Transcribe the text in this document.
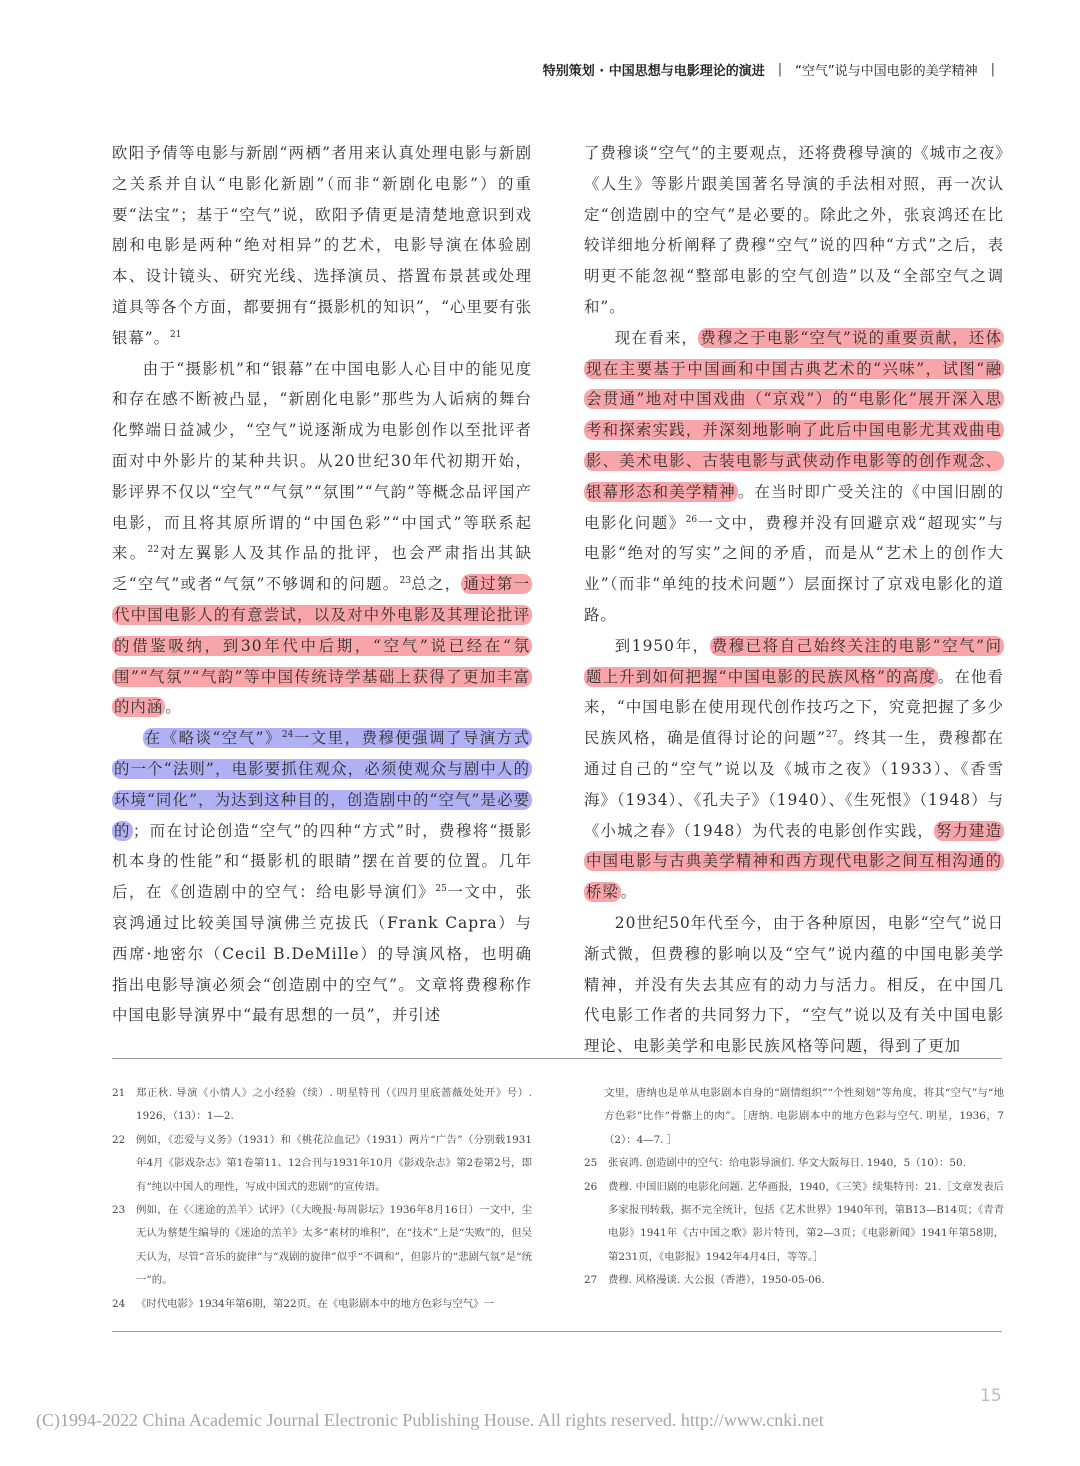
特别策划 · 中国思想与电影理论的演进 | “空气”说与中国电影的美学精神 |

欧阳予倩等电影与新剧“两栖”者用来认真处理电影与新剧之关系并自认“电影化新剧”（而非“新剧化电影”）的重要“法宝”；基于“空气”说，欧阳予倩更是清楚地意识到戏剧和电影是两种“绝对相异”的艺术，电影导演在体验剧本、设计镜头、研究光线、选择演员、搭置布景甚或处理道具等各个方面，都要拥有“摄影机的知识”，“心里要有张银幕”。$^{21}$

由于“摄影机”和“银幕”在中国电影人心目中的能见度和存在感不断被凸显，“新剧化电影”那些为人诟病的舞台化弊端日益减少，“空气”说逐渐成为电影创作以至批评者面对中外影片的某种共识。从20世纪30年代初期开始，影评界不仅以“空气”“气氛”“氛围”“气韵”等概念品评国产电影，而且将其原所谓的“中国色彩”“中国式”等联系起来。$^{22}$对左翼影人及其作品的批评，也会严肃指出其缺乏“空气”或者“气氛”不够调和的问题。$^{23}$总之， 通过第一代中国电影人的有意尝试，以及对中外电影及其理论批评的借鉴吸纳，到30年代中后期，“空气”说已经在“氛围”“气氛”“气韵”等中国传统诗学基础上获得了更加丰富的内涵 。

在《略谈“空气”》$^{24}$一文里，费穆便强调了导演方式的一个“法则”，电影要抓住观众，必须使观众与剧中人的环境“同化”，为达到这种目的，创造剧中的“空气”是必要的 ；而在讨论创造“空气”的四种“方式”时，费穆将“摄影机本身的性能”和“摄影机的眼睛”摆在首要的位置。几年后，在《创造剧中的空气：给电影导演们》$^{25}$一文中，张哀鸿通过比较美国导演佛兰克拔氏（Frank Capra）与西席·地密尔（Cecil B.DeMille）的导演风格，也明确指出电影导演必须会“创造剧中的空气”。文章将费穆称作中国电影导演界中“最有思想的一员”，并引述

了费穆谈“空气”的主要观点，还将费穆导演的《城市之夜》《人生》等影片跟美国著名导演的手法相对照，再一次认定“创造剧中的空气”是必要的。除此之外，张哀鸿还在比较详细地分析阐释了费穆“空气”说的四种“方式”之后，表明更不能忽视“整部电影的空气创造”以及“全部空气之调和”。

现在看来， 费穆之于电影“空气”说的重要贡献，还体现在主要基于中国画和中国古典艺术的“兴味”，试图“融会贯通”地对中国戏曲（“京戏”）的“电影化”展开深入思考和探索实践，并深刻地影响了此后中国电影尤其戏曲电影、美术电影、古装电影与武侠动作电影等的创作观念、银幕形态和美学精神 。在当时即广受关注的《中国旧剧的电影化问题》$^{26}$一文中，费穆并没有回避京戏“超现实”与电影“绝对的写实”之间的矛盾，而是从“艺术上的创作大业”（而非“单纯的技术问题”）层面探讨了京戏电影化的道路。

到1950年， 费穆已将自己始终关注的电影“空气”问题上升到如何把握“中国电影的民族风格”的高度 。在他看来，“中国电影在使用现代创作技巧之下，究竟把握了多少民族风格，确是值得讨论的问题”$^{27}$。终其一生，费穆都在通过自己的“空气”说以及《城市之夜》（1933）、《香雪海》（1934）、《孔夫子》（1940）、《生死恨》（1948）与《小城之春》（1948）为代表的电影创作实践， 努力建造中国电影与古典美学精神和西方现代电影之间互相沟通的桥梁 。

20世纪50年代至今，由于各种原因，电影“空气”说日渐式微，但费穆的影响以及“空气”说内蕴的中国电影美学精神，并没有失去其应有的动力与活力。相反，在中国几代电影工作者的共同努力下，“空气”说以及有关中国电影理论、电影美学和电影民族风格等问题，得到了更加

21 郑正秋. 导演《小情人》之小经验（续）. 明星特刊（《四月里底蔷薇处处开》号）. 1926，（13）：1—2.
22 例如，《恋爱与义务》（1931）和《桃花泣血记》（1931）两片“广告”（分别载1931年4月《影戏杂志》第1卷第11、12合刊与1931年10月《影戏杂志》第2卷第2号，即有“纯以中国人的理性，写成中国式的悲剧”的宣传语。
23 例如，在《〈迷途的羔羊〉试评》（《大晚报·每周影坛》1936年8月16日）一文中，尘无认为蔡楚生编导的《迷途的羔羊》太多“素材的堆积”，在“技术”上是“失败”的，但吴天认为，尽管“音乐的旋律”与“戏剧的旋律”似乎“不调和”，但影片的“悲剧气氛”是“统一”的。
24 《时代电影》1934年第6期，第22页。在《电影剧本中的地方色彩与空气》一
文里，唐纳也是单从电影剧本自身的“剧情组织”“个性刻划”等角度，将其“空气”与“地方色彩”比作“骨骼上的肉”。［唐纳. 电影剧本中的地方色彩与空气. 明星，1936，7（2）：4—7. ］
25 张哀鸿. 创造剧中的空气：给电影导演们. 华文大阪每日. 1940，5（10）：50.
26 费穆. 中国旧剧的电影化问题. 艺华画报，1940，《三笑》续集特刊：21.［文章发表后多家报刊转载，据不完全统计，包括《艺术世界》1940年刊，第B13—B14页；《青青电影》1941年《古中国之歌》影片特刊，第2—3页；《电影新闻》1941年第58期，第231页，《电影报》1942年4月4日，等等。］
27 费穆. 风格漫谈. 大公报（香港），1950-05-06.
15
(C)1994-2022 China Academic Journal Electronic Publishing House. All rights reserved. http://www.cnki.net
